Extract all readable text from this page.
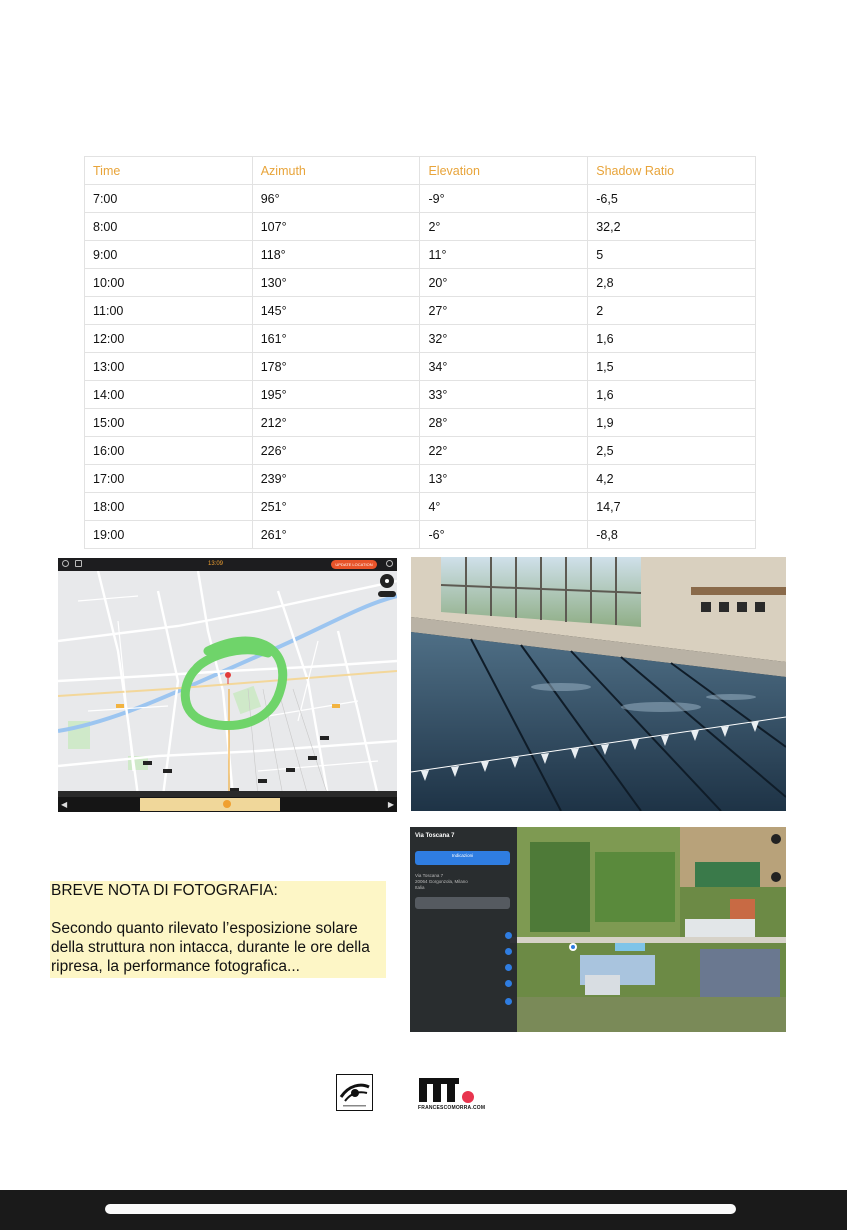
Time	Azimuth	Elevation	Shadow Ratio
7:00	96°	-9°	-6,5
8:00	107°	2°	32,2
9:00	118°	11°	5
10:00	130°	20°	2,8
11:00	145°	27°	2
12:00	161°	32°	1,6
13:00	178°	34°	1,5
14:00	195°	33°	1,6
15:00	212°	28°	1,9
16:00	226°	22°	2,5
17:00	239°	13°	4,2
18:00	251°	4°	14,7
19:00	261°	-6°	-8,8
13:09	UPDATE LOCATION
◀	▶
BREVE NOTA DI FOTOGRAFIA:
Secondo quanto rilevato l’esposizione solare della struttura non intacca, durante le ore della ripresa, la performance fotografica...
Via Toscana 7
Indicazioni
Via Toscana 7
20064 Gorgonzola, Milano
Italia
FRANCESCOMORRA.COM
